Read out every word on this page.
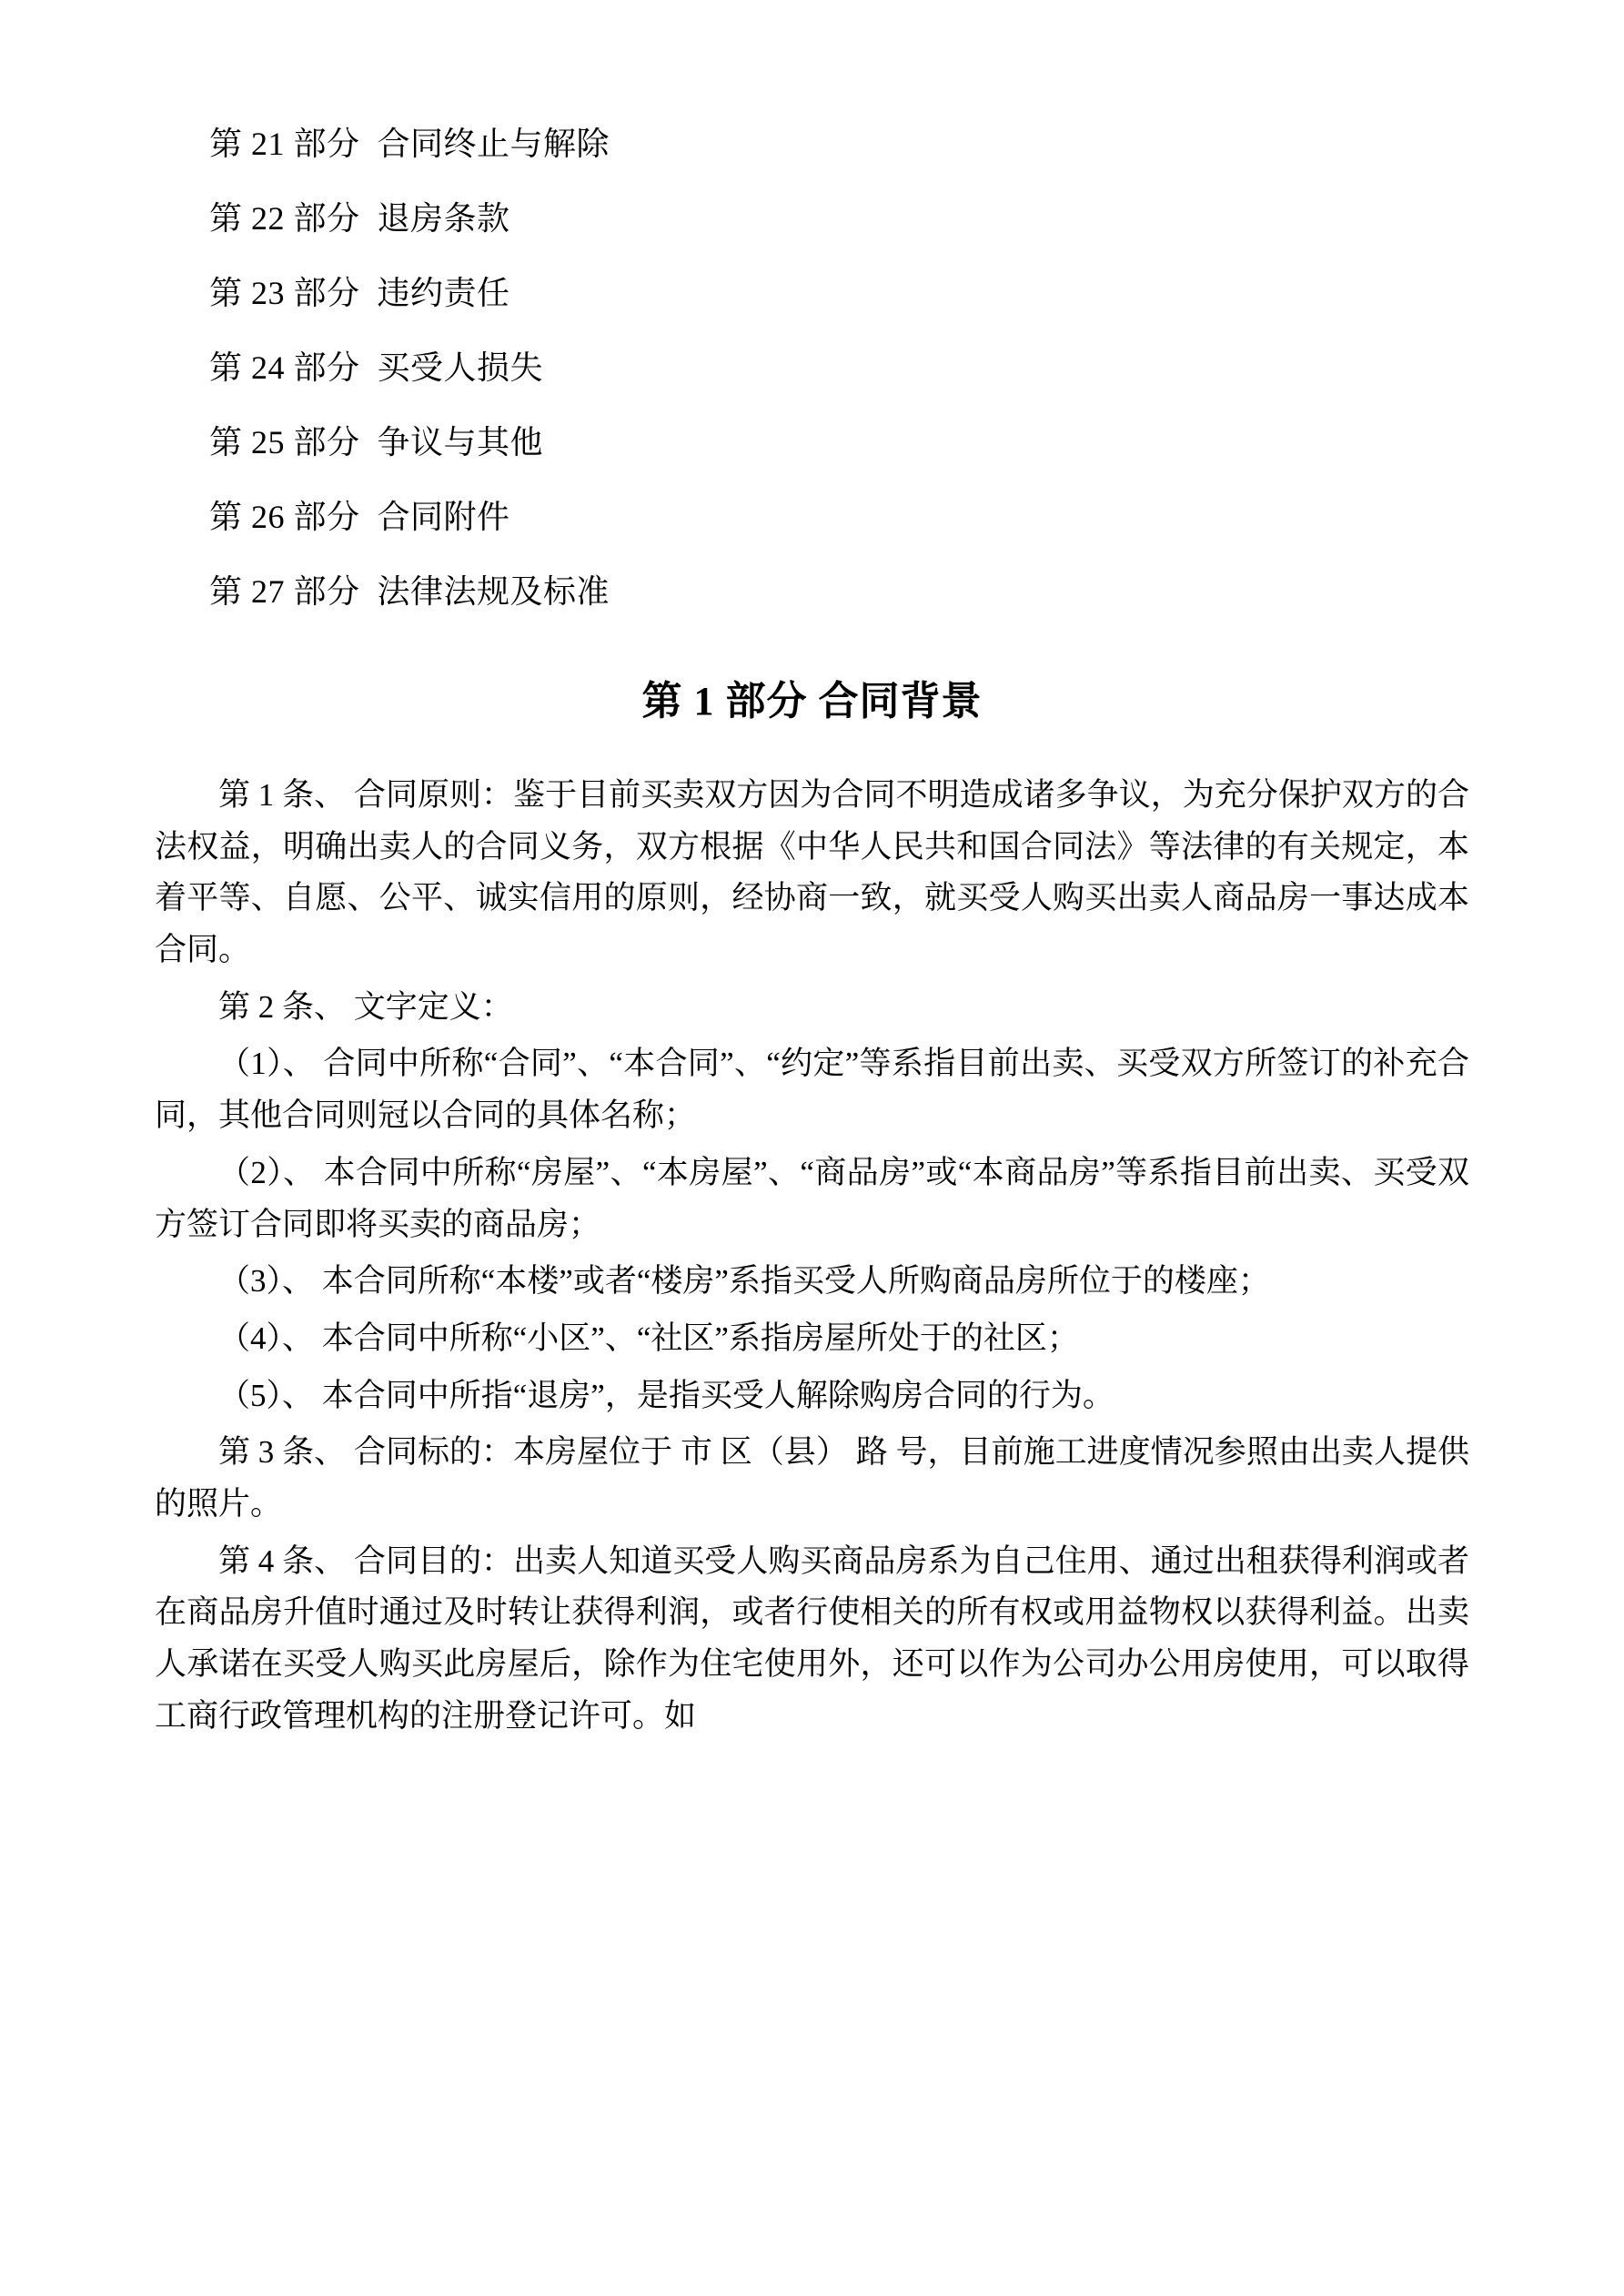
第 21 部分  合同终止与解除

第 22 部分  退房条款

第 23 部分  违约责任

第 24 部分  买受人损失

第 25 部分  争议与其他

第 26 部分  合同附件

第 27 部分  法律法规及标准

第 1 部分 合同背景

第 1 条、 合同原则：鉴于目前买卖双方因为合同不明造成诸多争议，为充分保护双方的合法权益，明确出卖人的合同义务，双方根据《中华人民共和国合同法》等法律的有关规定，本着平等、自愿、公平、诚实信用的原则，经协商一致，就买受人购买出卖人商品房一事达成本合同。

第 2 条、 文字定义：

（1）、 合同中所称“合同”、“本合同”、“约定”等系指目前出卖、买受双方所签订的补充合同，其他合同则冠以合同的具体名称；

（2）、 本合同中所称“房屋”、“本房屋”、“商品房”或“本商品房”等系指目前出卖、买受双方签订合同即将买卖的商品房；

（3）、 本合同所称“本楼”或者“楼房”系指买受人所购商品房所位于的楼座；

（4）、 本合同中所称“小区”、“社区”系指房屋所处于的社区；

（5）、 本合同中所指“退房”，是指买受人解除购房合同的行为。

第 3 条、 合同标的：本房屋位于 市 区（县） 路 号，目前施工进度情况参照由出卖人提供的照片。

第 4 条、 合同目的：出卖人知道买受人购买商品房系为自己住用、通过出租获得利润或者在商品房升值时通过及时转让获得利润，或者行使相关的所有权或用益物权以获得利益。出卖人承诺在买受人购买此房屋后，除作为住宅使用外，还可以作为公司办公用房使用，可以取得工商行政管理机构的注册登记许可。如
